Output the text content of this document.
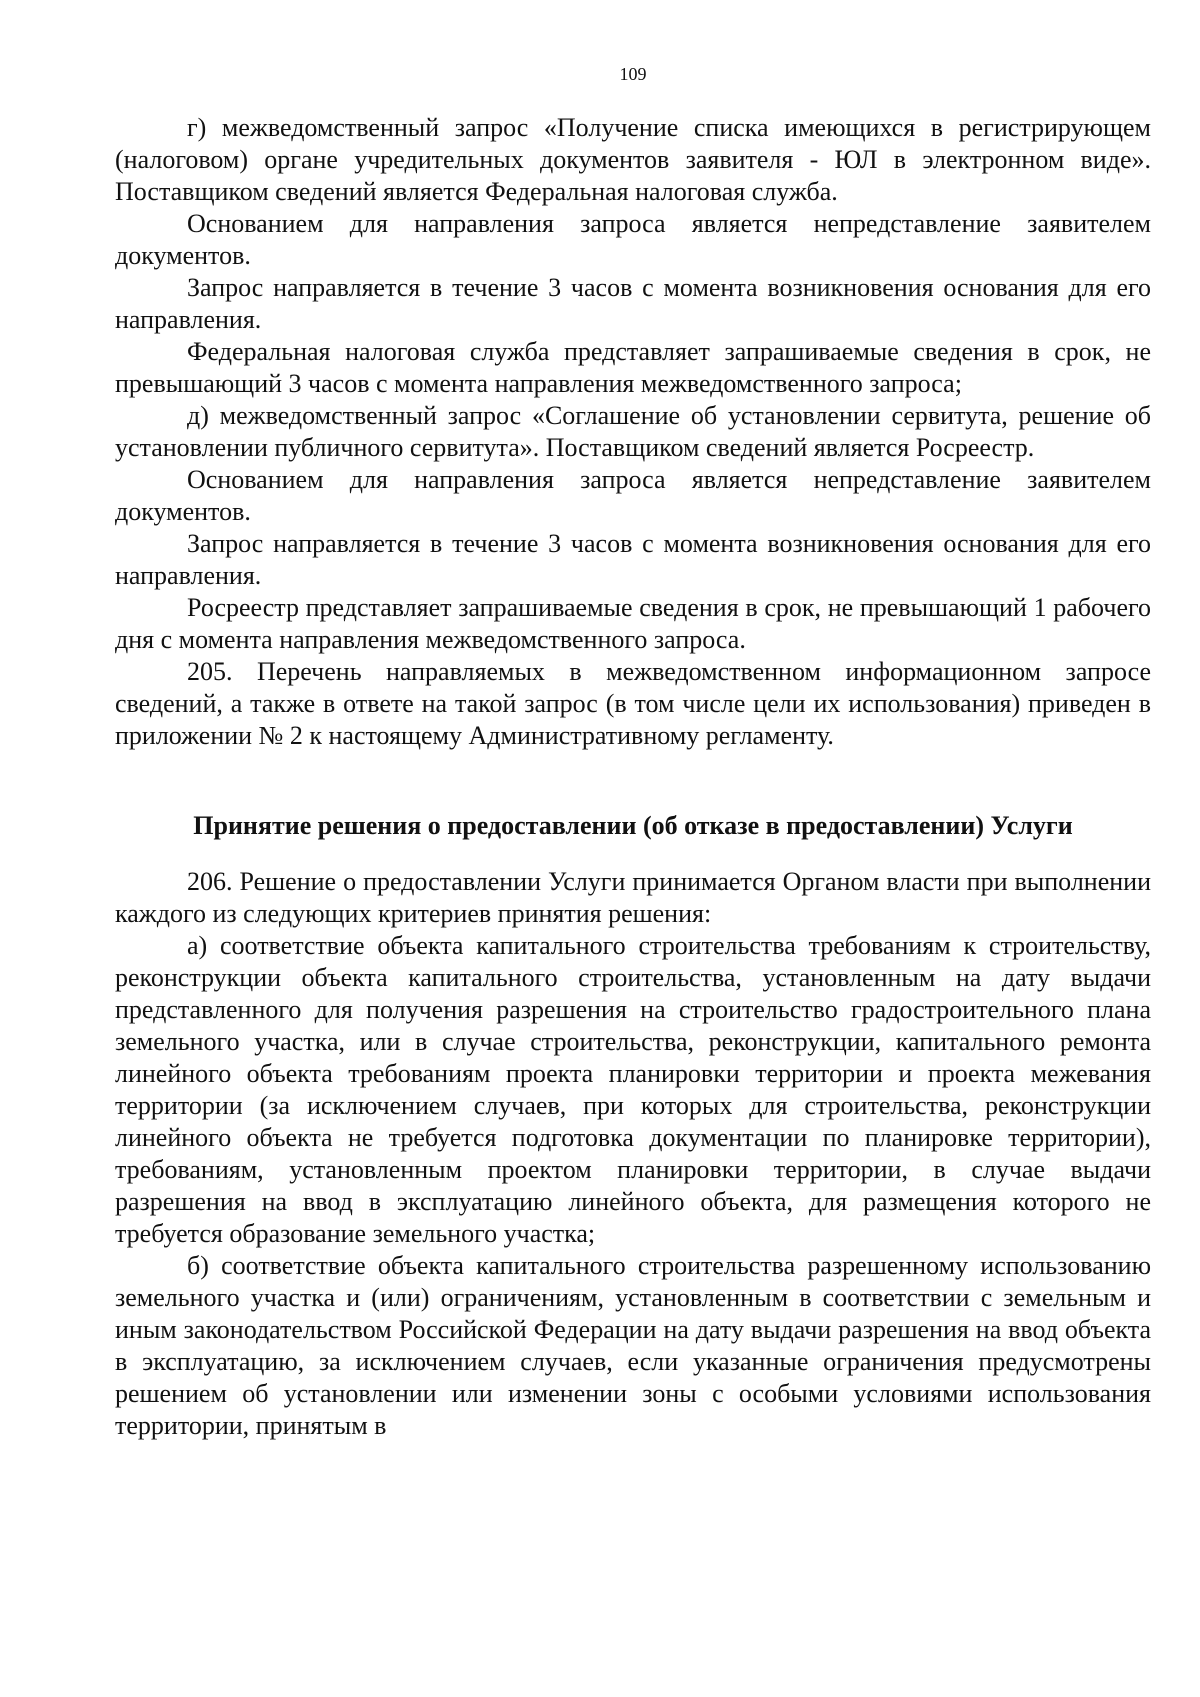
109

г) межведомственный запрос «Получение списка имеющихся в регистрирующем (налоговом) органе учредительных документов заявителя - ЮЛ в электронном виде». Поставщиком сведений является Федеральная налоговая служба.

Основанием для направления запроса является непредставление заявителем документов.

Запрос направляется в течение 3 часов с момента возникновения основания для его направления.

Федеральная налоговая служба представляет запрашиваемые сведения в срок, не превышающий 3 часов с момента направления межведомственного запроса;

д) межведомственный запрос «Соглашение об установлении сервитута, решение об установлении публичного сервитута». Поставщиком сведений является Росреестр.

Основанием для направления запроса является непредставление заявителем документов.

Запрос направляется в течение 3 часов с момента возникновения основания для его направления.

Росреестр представляет запрашиваемые сведения в срок, не превышающий 1 рабочего дня с момента направления межведомственного запроса.

205. Перечень направляемых в межведомственном информационном запросе сведений, а также в ответе на такой запрос (в том числе цели их использования) приведен в приложении № 2 к настоящему Административному регламенту.

Принятие решения о предоставлении (об отказе в предоставлении) Услуги

206. Решение о предоставлении Услуги принимается Органом власти при выполнении каждого из следующих критериев принятия решения:

а) соответствие объекта капитального строительства требованиям к строительству, реконструкции объекта капитального строительства, установленным на дату выдачи представленного для получения разрешения на строительство градостроительного плана земельного участка, или в случае строительства, реконструкции, капитального ремонта линейного объекта требованиям проекта планировки территории и проекта межевания территории (за исключением случаев, при которых для строительства, реконструкции линейного объекта не требуется подготовка документации по планировке территории), требованиям, установленным проектом планировки территории, в случае выдачи разрешения на ввод в эксплуатацию линейного объекта, для размещения которого не требуется образование земельного участка;

б) соответствие объекта капитального строительства разрешенному использованию земельного участка и (или) ограничениям, установленным в соответствии с земельным и иным законодательством Российской Федерации на дату выдачи разрешения на ввод объекта в эксплуатацию, за исключением случаев, если указанные ограничения предусмотрены решением об установлении или изменении зоны с особыми условиями использования территории, принятым в
